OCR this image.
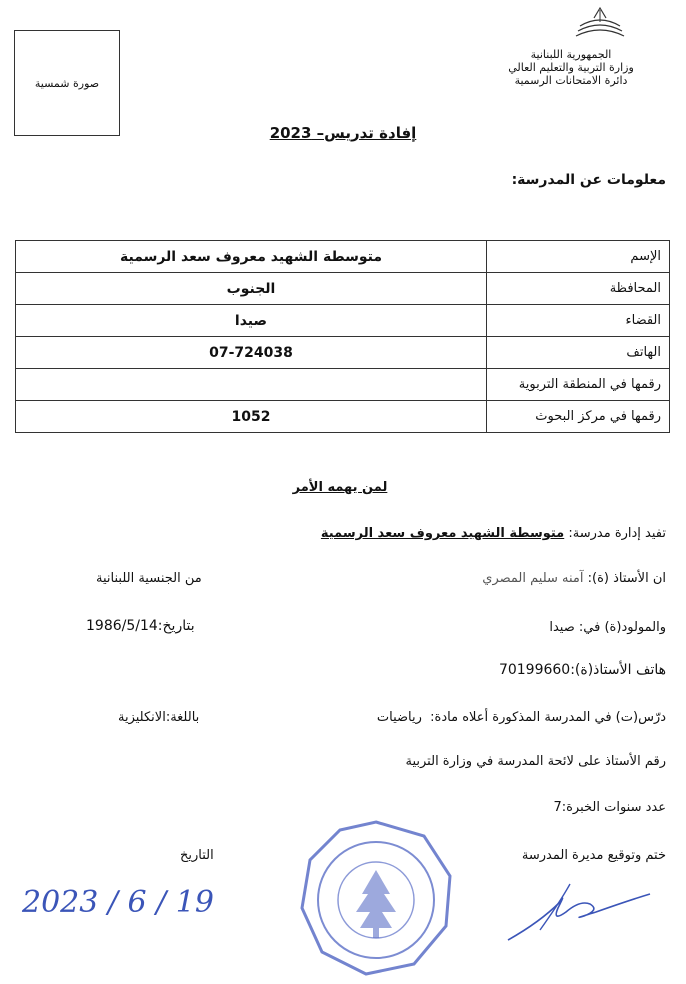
صورة شمسية
الجمهورية اللبنانية
وزارة التربية والتعليم العالي
دائرة الامتحانات الرسمية
إفادة تدريس– 2023
معلومات عن المدرسة:
الإسم	متوسطة الشهيد معروف سعد الرسمية
المحافظة	الجنوب
القضاء	صيدا
الهاتف	07-724038
رقمها في المنطقة التربوية	
رقمها في مركز البحوث	1052
لمن يهمه الأمر
تفيد إدارة مدرسة: متوسطة الشهيد معروف سعد الرسمية
ان الأستاذ (ة): آمنه سليم المصري
من الجنسية اللبنانية
والمولود(ة) في: صيدا
بتاريخ:1986/5/14
هاتف الأستاذ(ة):70199660
درّس(ت) في المدرسة المذكورة أعلاه مادة:  رياضيات
باللغة:الانكليزية
رقم الأستاذ على لائحة المدرسة في وزارة التربية
عدد سنوات الخبرة:7
ختم وتوقيع مديرة المدرسة
التاريخ
2023 / 6 / 19
